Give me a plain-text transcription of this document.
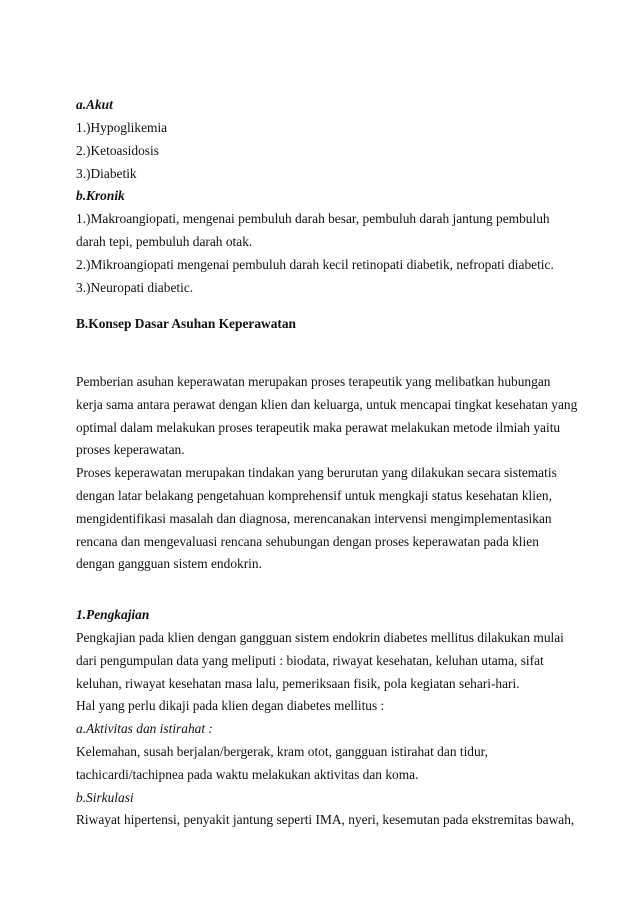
a.Akut
1.)Hypoglikemia
2.)Ketoasidosis
3.)Diabetik
b.Kronik
1.)Makroangiopati, mengenai pembuluh darah besar, pembuluh darah jantung pembuluh
darah tepi, pembuluh darah otak.
2.)Mikroangiopati mengenai pembuluh darah kecil retinopati diabetik, nefropati diabetic.
3.)Neuropati diabetic.
B.Konsep Dasar Asuhan Keperawatan
Pemberian asuhan keperawatan merupakan proses terapeutik yang melibatkan hubungan
kerja sama antara perawat dengan klien dan keluarga, untuk mencapai tingkat kesehatan yang
optimal dalam melakukan proses terapeutik maka perawat melakukan metode ilmiah yaitu
proses keperawatan.
Proses keperawatan merupakan tindakan yang berurutan yang dilakukan secara sistematis
dengan latar belakang pengetahuan komprehensif untuk mengkaji status kesehatan klien,
mengidentifikasi masalah dan diagnosa, merencanakan intervensi mengimplementasikan
rencana dan mengevaluasi rencana sehubungan dengan proses keperawatan pada klien
dengan gangguan sistem endokrin.
1.Pengkajian
Pengkajian pada klien dengan gangguan sistem endokrin diabetes mellitus dilakukan mulai
dari pengumpulan data yang meliputi : biodata, riwayat kesehatan, keluhan utama, sifat
keluhan, riwayat kesehatan masa lalu, pemeriksaan fisik, pola kegiatan sehari-hari.
Hal yang perlu dikaji pada klien degan diabetes mellitus :
a.Aktivitas dan istirahat :
Kelemahan, susah berjalan/bergerak, kram otot, gangguan istirahat dan tidur,
tachicardi/tachipnea pada waktu melakukan aktivitas dan koma.
b.Sirkulasi
Riwayat hipertensi, penyakit jantung seperti IMA, nyeri, kesemutan pada ekstremitas bawah,
